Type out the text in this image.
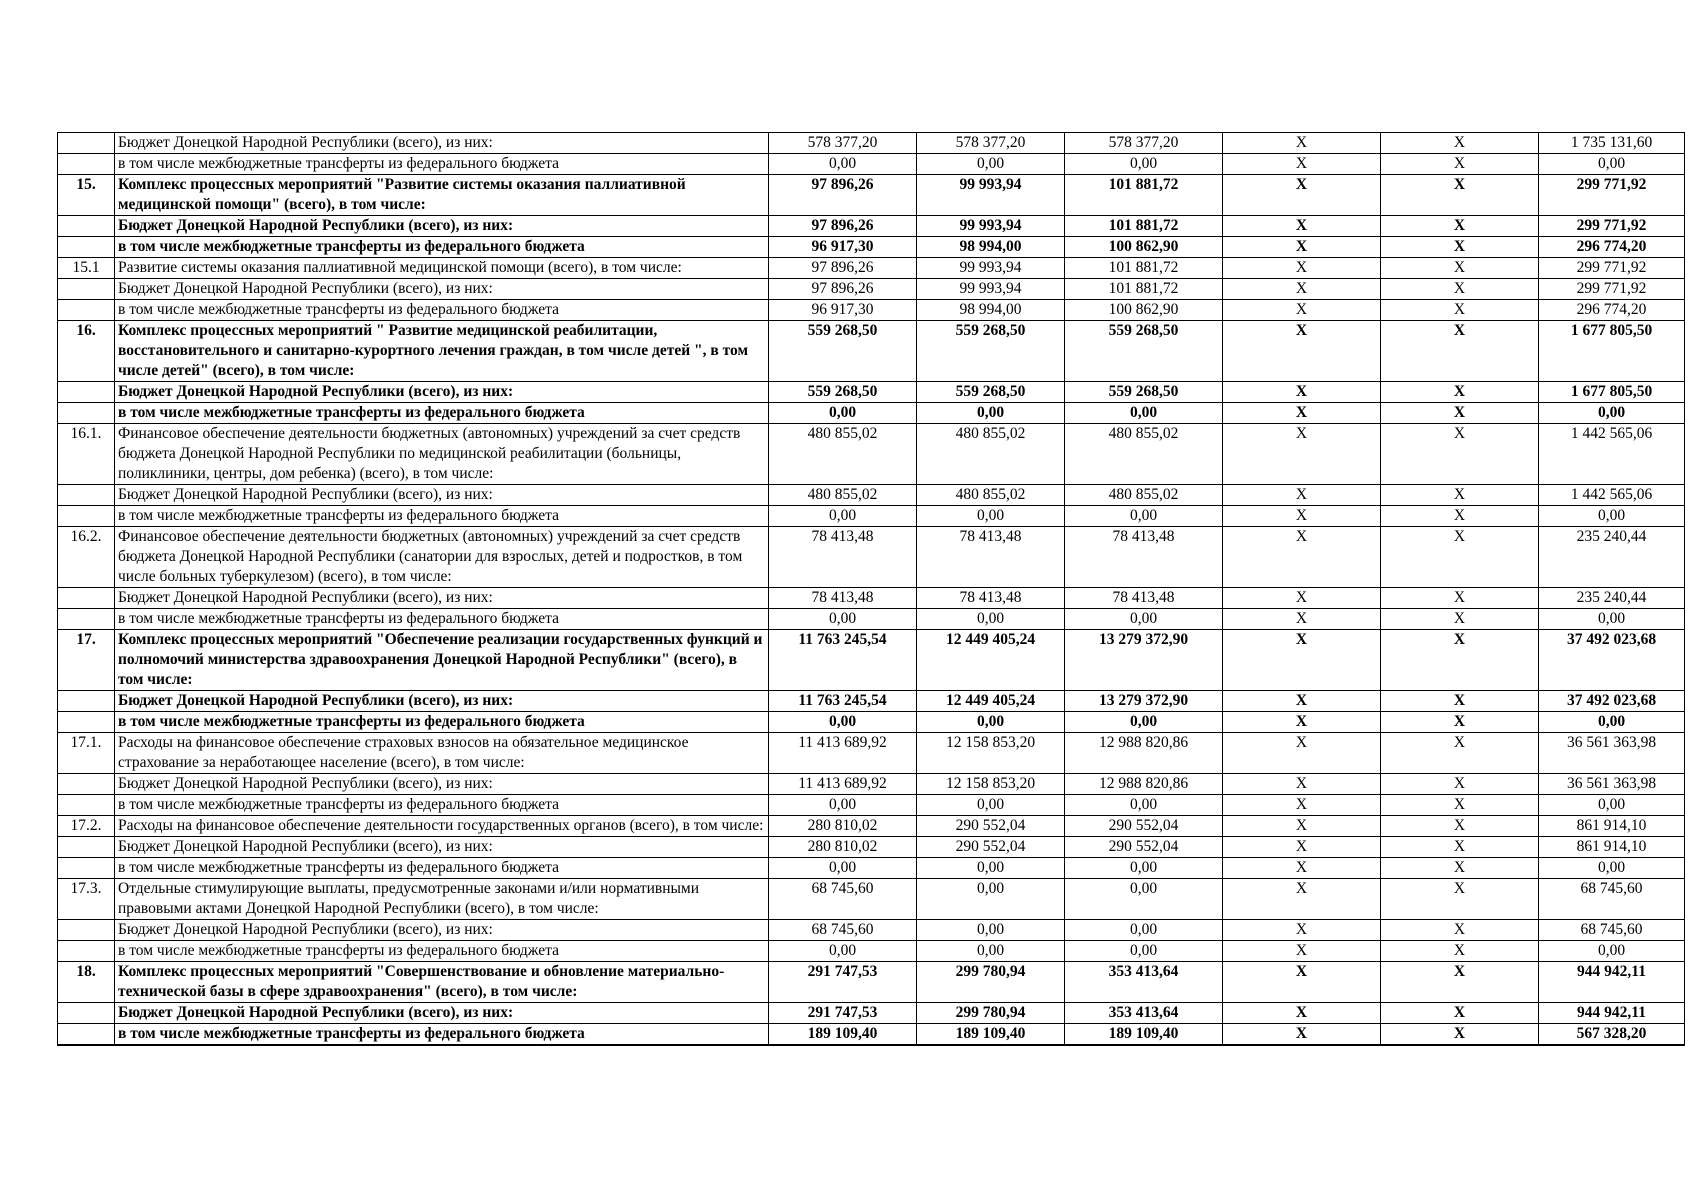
	Бюджет Донецкой Народной Республики (всего), из них:	578 377,20	578 377,20	578 377,20	Х	Х	1 735 131,60
	в том числе межбюджетные трансферты из федерального бюджета	0,00	0,00	0,00	Х	Х	0,00
15.	Комплекс процессных мероприятий "Развитие системы оказания паллиативной медицинской помощи" (всего), в том числе:	97 896,26	99 993,94	101 881,72	Х	Х	299 771,92
	Бюджет Донецкой Народной Республики (всего), из них:	97 896,26	99 993,94	101 881,72	Х	Х	299 771,92
	в том числе межбюджетные трансферты из федерального бюджета	96 917,30	98 994,00	100 862,90	Х	Х	296 774,20
15.1	Развитие системы оказания паллиативной медицинской помощи (всего), в том числе:	97 896,26	99 993,94	101 881,72	Х	Х	299 771,92
	Бюджет Донецкой Народной Республики (всего), из них:	97 896,26	99 993,94	101 881,72	Х	Х	299 771,92
	в том числе межбюджетные трансферты из федерального бюджета	96 917,30	98 994,00	100 862,90	Х	Х	296 774,20
16.	Комплекс процессных мероприятий " Развитие медицинской реабилитации, восстановительного и санитарно-курортного лечения граждан, в том числе детей ", в том числе детей" (всего), в том числе:	559 268,50	559 268,50	559 268,50	Х	Х	1 677 805,50
	Бюджет Донецкой Народной Республики (всего), из них:	559 268,50	559 268,50	559 268,50	Х	Х	1 677 805,50
	в том числе межбюджетные трансферты из федерального бюджета	0,00	0,00	0,00	Х	Х	0,00
16.1.	Финансовое обеспечение деятельности бюджетных (автономных) учреждений за счет средств бюджета Донецкой Народной Республики по медицинской реабилитации (больницы, поликлиники, центры, дом ребенка) (всего), в том числе:	480 855,02	480 855,02	480 855,02	Х	Х	1 442 565,06
	Бюджет Донецкой Народной Республики (всего), из них:	480 855,02	480 855,02	480 855,02	Х	Х	1 442 565,06
	в том числе межбюджетные трансферты из федерального бюджета	0,00	0,00	0,00	Х	Х	0,00
16.2.	Финансовое обеспечение деятельности бюджетных (автономных) учреждений за счет средств бюджета Донецкой Народной Республики (санатории для взрослых, детей и подростков, в том числе больных туберкулезом) (всего), в том числе:	78 413,48	78 413,48	78 413,48	Х	Х	235 240,44
	Бюджет Донецкой Народной Республики (всего), из них:	78 413,48	78 413,48	78 413,48	Х	Х	235 240,44
	в том числе межбюджетные трансферты из федерального бюджета	0,00	0,00	0,00	Х	Х	0,00
17.	Комплекс процессных мероприятий "Обеспечение реализации государственных функций и полномочий министерства здравоохранения Донецкой Народной Республики" (всего), в том числе:	11 763 245,54	12 449 405,24	13 279 372,90	Х	Х	37 492 023,68
	Бюджет Донецкой Народной Республики (всего), из них:	11 763 245,54	12 449 405,24	13 279 372,90	Х	Х	37 492 023,68
	в том числе межбюджетные трансферты из федерального бюджета	0,00	0,00	0,00	Х	Х	0,00
17.1.	Расходы на финансовое обеспечение страховых взносов на обязательное медицинское страхование за неработающее население (всего), в том числе:	11 413 689,92	12 158 853,20	12 988 820,86	Х	Х	36 561 363,98
	Бюджет Донецкой Народной Республики (всего), из них:	11 413 689,92	12 158 853,20	12 988 820,86	Х	Х	36 561 363,98
	в том числе межбюджетные трансферты из федерального бюджета	0,00	0,00	0,00	Х	Х	0,00
17.2.	Расходы на финансовое обеспечение деятельности государственных органов (всего), в том числе:	280 810,02	290 552,04	290 552,04	Х	Х	861 914,10
	Бюджет Донецкой Народной Республики (всего), из них:	280 810,02	290 552,04	290 552,04	Х	Х	861 914,10
	в том числе межбюджетные трансферты из федерального бюджета	0,00	0,00	0,00	Х	Х	0,00
17.3.	Отдельные стимулирующие выплаты, предусмотренные законами и/или нормативными правовыми актами Донецкой Народной Республики (всего), в том числе:	68 745,60	0,00	0,00	Х	Х	68 745,60
	Бюджет Донецкой Народной Республики (всего), из них:	68 745,60	0,00	0,00	Х	Х	68 745,60
	в том числе межбюджетные трансферты из федерального бюджета	0,00	0,00	0,00	Х	Х	0,00
18.	Комплекс процессных мероприятий "Совершенствование и обновление материально-технической базы в сфере здравоохранения" (всего), в том числе:	291 747,53	299 780,94	353 413,64	Х	Х	944 942,11
	Бюджет Донецкой Народной Республики (всего), из них:	291 747,53	299 780,94	353 413,64	Х	Х	944 942,11
	в том числе межбюджетные трансферты из федерального бюджета	189 109,40	189 109,40	189 109,40	Х	Х	567 328,20
